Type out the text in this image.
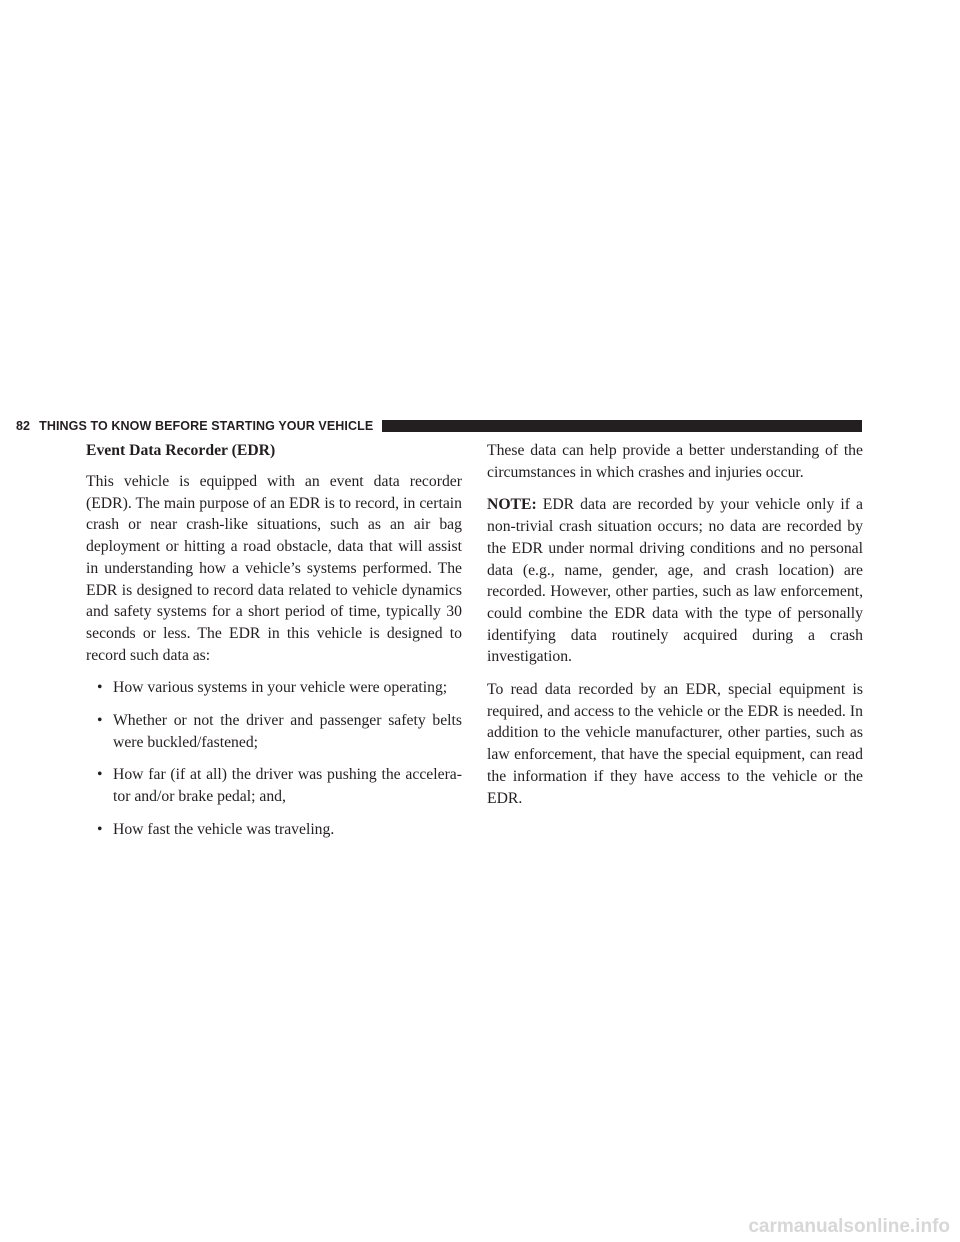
82 THINGS TO KNOW BEFORE STARTING YOUR VEHICLE
Event Data Recorder (EDR)

This vehicle is equipped with an event data recorder (EDR). The main purpose of an EDR is to record, in certain crash or near crash-like situations, such as an air bag deployment or hitting a road obstacle, data that will assist in understanding how a vehicle’s systems performed. The EDR is designed to record data related to vehicle dynamics and safety systems for a short period of time, typically 30 seconds or less. The EDR in this vehicle is designed to record such data as:

• How various systems in your vehicle were operating;
• Whether or not the driver and passenger safety belts were buckled/fastened;
• How far (if at all) the driver was pushing the accelerator and/or brake pedal; and,
• How fast the vehicle was traveling.

These data can help provide a better understanding of the circumstances in which crashes and injuries occur.

NOTE: EDR data are recorded by your vehicle only if a non-trivial crash situation occurs; no data are recorded by the EDR under normal driving conditions and no personal data (e.g., name, gender, age, and crash location) are recorded. However, other parties, such as law enforcement, could combine the EDR data with the type of personally identifying data routinely acquired during a crash investigation.

To read data recorded by an EDR, special equipment is required, and access to the vehicle or the EDR is needed. In addition to the vehicle manufacturer, other parties, such as law enforcement, that have the special equipment, can read the information if they have access to the vehicle or the EDR.

carmanualsonline.info
